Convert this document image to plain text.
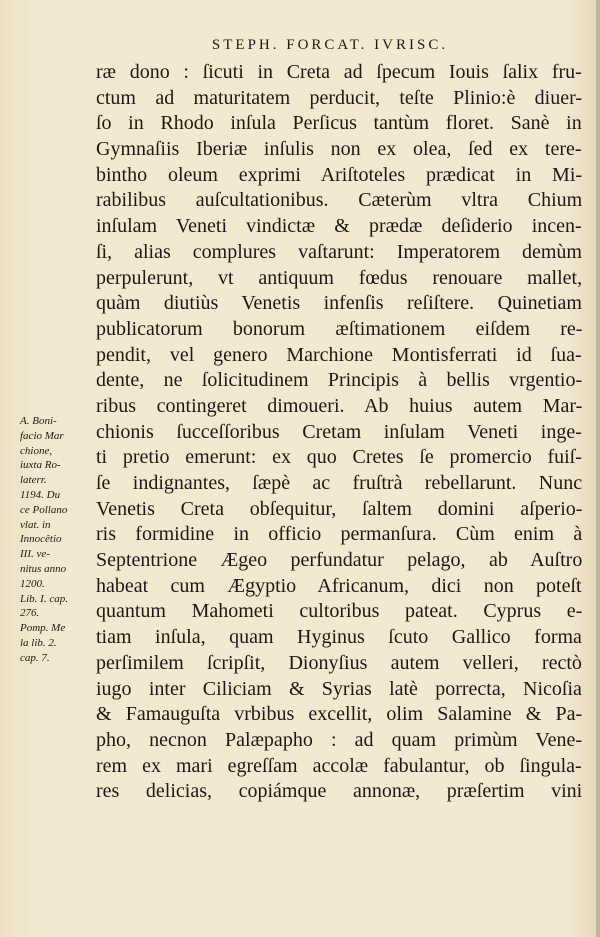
STEPH. FORCAT. IVRISC.
ræ dono : ſicuti in Creta ad ſpecum Iouis ſalix fru-
ctum ad maturitatem perducit, teſte Plinio:è diuer-
ſo in Rhodo inſula Perſicus tantùm floret. Sanè in
Gymnaſiis Iberiæ inſulis non ex olea, ſed ex tere-
bintho oleum exprimi Ariſtoteles prædicat in Mi-
rabilibus auſcultationibus. Cæterùm vltra Chium
inſulam Veneti vindictæ & prædæ deſiderio incen-
ſi, alias complures vaſtarunt: Imperatorem demùm
perpulerunt, vt antiquum fœdus renouare mallet,
quàm diutiùs Venetis infenſis reſiſtere. Quinetiam
publicatorum bonorum æſtimationem eiſdem re-
pendit, vel genero Marchione Montisferrati id ſua-
dente, ne ſolicitudinem Principis à bellis vrgentio-
ribus contingeret dimoueri. Ab huius autem Mar-
chionis ſucceſſoribus Cretam inſulam Veneti inge-
ti pretio emerunt: ex quo Cretes ſe promercio fuiſ-
ſe indignantes, ſæpè ac fruſtrà rebellarunt. Nunc
Venetis Creta obſequitur, ſaltem domini aſperio-
ris formidine in officio permanſura. Cùm enim à
Septentrione Ægeo perfundatur pelago, ab Auſtro
habeat cum Ægyptio Africanum, dici non poteſt
quantum Mahometi cultoribus pateat. Cyprus e-
tiam inſula, quam Hyginus ſcuto Gallico forma
perſimilem ſcripſit, Dionyſius autem velleri, rectò
iugo inter Ciliciam & Syrias latè porrecta, Nicoſia
& Famauguſta vrbibus excellit, olim Salamine & Pa-
pho, necnon Palæpapho : ad quam primùm Vene-
rem ex mari egreſſam accolæ fabulantur, ob ſingula-
res delicias, copiámque annonæ, præſertim vini
A. Boni-
facio Mar
chione,
iuxta Ro-
laterr.
1194. Du
ce Pollano
vlat. in
Innocêtio
III. ve-
nitus anno
1200.
Lib. I. cap.
276.
Pomp. Me
la lib. 2.
cap. 7.
